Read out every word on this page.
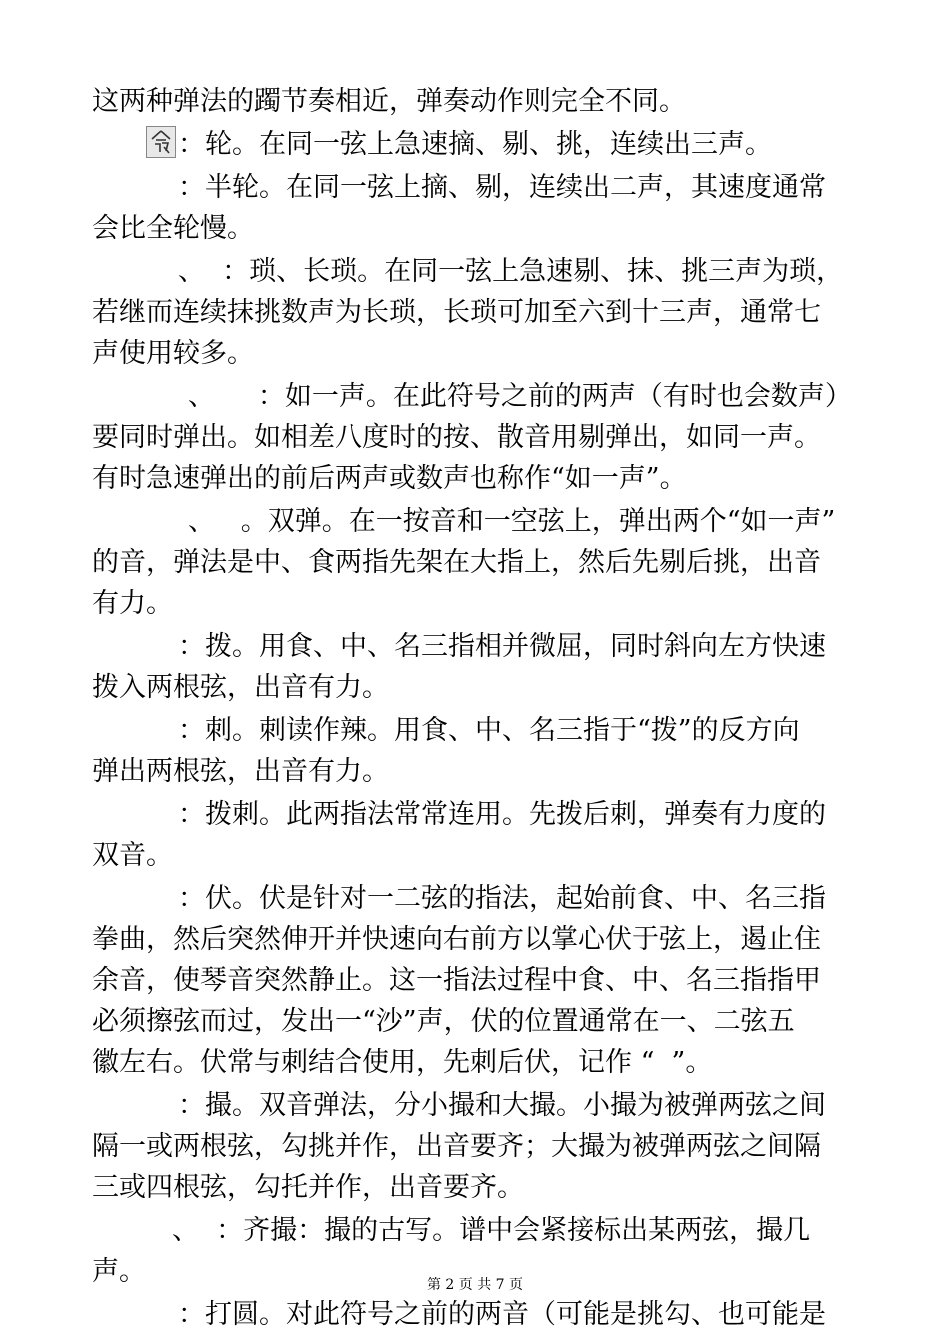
这两种弹法的躅节奏相近，弹奏动作则完全不同。
：轮。在同一弦上急速摘、剔、挑，连续出三声。
：半轮。在同一弦上摘、剔，连续出二声，其速度通常
会比全轮慢。
、  ：琐、长琐。在同一弦上急速剔、抹、挑三声为琐，
若继而连续抹挑数声为长琐，长琐可加至六到十三声，通常七
声使用较多。
、     ：如一声。在此符号之前的两声（有时也会数声）
要同时弹出。如相差八度时的按、散音用剔弹出，如同一声。
有时急速弹出的前后两声或数声也称作“如一声”。
、   。双弹。在一按音和一空弦上，弹出两个“如一声”
的音，弹法是中、食两指先架在大指上，然后先剔后挑，出音
有力。
：拨。用食、中、名三指相并微屈，同时斜向左方快速
拨入两根弦，出音有力。
：刺。刺读作辣。用食、中、名三指于“拨”的反方向
弹出两根弦，出音有力。
：拨刺。此两指法常常连用。先拨后刺，弹奏有力度的
双音。
：伏。伏是针对一二弦的指法，起始前食、中、名三指
拳曲，然后突然伸开并快速向右前方以掌心伏于弦上，遏止住
余音，使琴音突然静止。这一指法过程中食、中、名三指指甲
必须擦弦而过，发出一“沙”声，伏的位置通常在一、二弦五
徽左右。伏常与刺结合使用，先刺后伏，记作 “  ”。
：撮。双音弹法，分小撮和大撮。小撮为被弹两弦之间
隔一或两根弦，勾挑并作，出音要齐；大撮为被弹两弦之间隔
三或四根弦，勾托并作，出音要齐。
、  ：齐撮：撮的古写。谱中会紧接标出某两弦，撮几
声。
：打圆。对此符号之前的两音（可能是挑勾、也可能是
第 2 页 共 7 页
